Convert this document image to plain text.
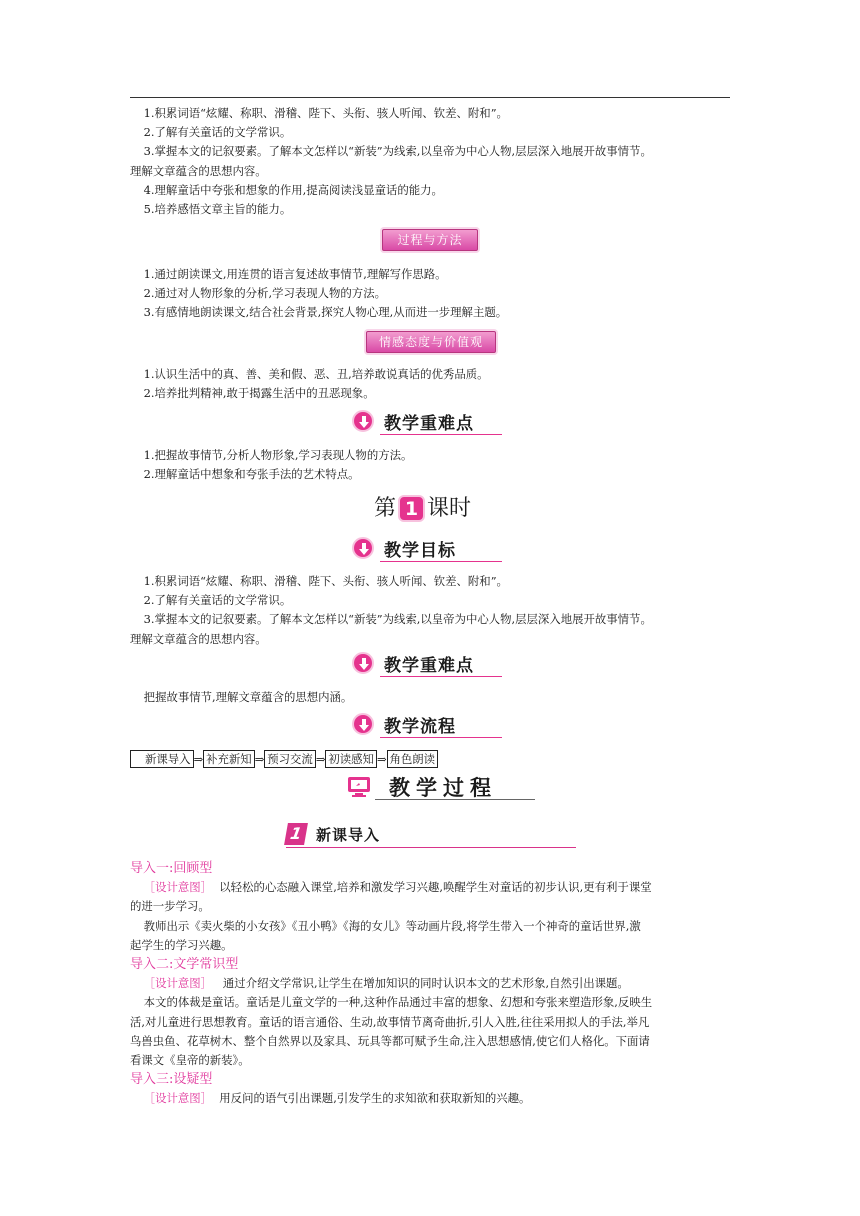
1.积累词语“炫耀、称职、滑稽、陛下、头衔、骇人听闻、钦差、附和”。

2.了解有关童话的文学常识。

3.掌握本文的记叙要素。了解本文怎样以“新装”为线索,以皇帝为中心人物,层层深入地展开故事情节。

理解文章蕴含的思想内容。

4.理解童话中夸张和想象的作用,提高阅读浅显童话的能力。

5.培养感悟文章主旨的能力。

过程与方法

1.通过朗读课文,用连贯的语言复述故事情节,理解写作思路。

2.通过对人物形象的分析,学习表现人物的方法。

3.有感情地朗读课文,结合社会背景,探究人物心理,从而进一步理解主题。

情感态度与价值观

1.认识生活中的真、善、美和假、恶、丑,培养敢说真话的优秀品质。

2.培养批判精神,敢于揭露生活中的丑恶现象。

教学重难点

1.把握故事情节,分析人物形象,学习表现人物的方法。

2.理解童话中想象和夸张手法的艺术特点。

第 1 课时
教学目标

1.积累词语“炫耀、称职、滑稽、陛下、头衔、骇人听闻、钦差、附和”。

2.了解有关童话的文学常识。

3.掌握本文的记叙要素。了解本文怎样以“新装”为线索,以皇帝为中心人物,层层深入地展开故事情节。

理解文章蕴含的思想内容。

教学重难点

把握故事情节,理解文章蕴含的思想内涵。

教学流程
新课导入 ⇒ 补充新知 ⇒ 预习交流 ⇒ 初读感知 ⇒ 角色朗读
教学过程
1 新课导入

导入一:回顾型

［设计意图］ 以轻松的心态融入课堂,培养和激发学习兴趣,唤醒学生对童话的初步认识,更有利于课堂

的进一步学习。

教师出示《卖火柴的小女孩》《丑小鸭》《海的女儿》等动画片段,将学生带入一个神奇的童话世界,激

起学生的学习兴趣。

导入二:文学常识型

［设计意图］ 通过介绍文学常识,让学生在增加知识的同时认识本文的艺术形象,自然引出课题。

本文的体裁是童话。童话是儿童文学的一种,这种作品通过丰富的想象、幻想和夸张来塑造形象,反映生

活,对儿童进行思想教育。童话的语言通俗、生动,故事情节离奇曲折,引人入胜,往往采用拟人的手法,举凡

鸟兽虫鱼、花草树木、整个自然界以及家具、玩具等都可赋予生命,注入思想感情,使它们人格化。下面请

看课文《皇帝的新装》。

导入三:设疑型

［设计意图］ 用反问的语气引出课题,引发学生的求知欲和获取新知的兴趣。
